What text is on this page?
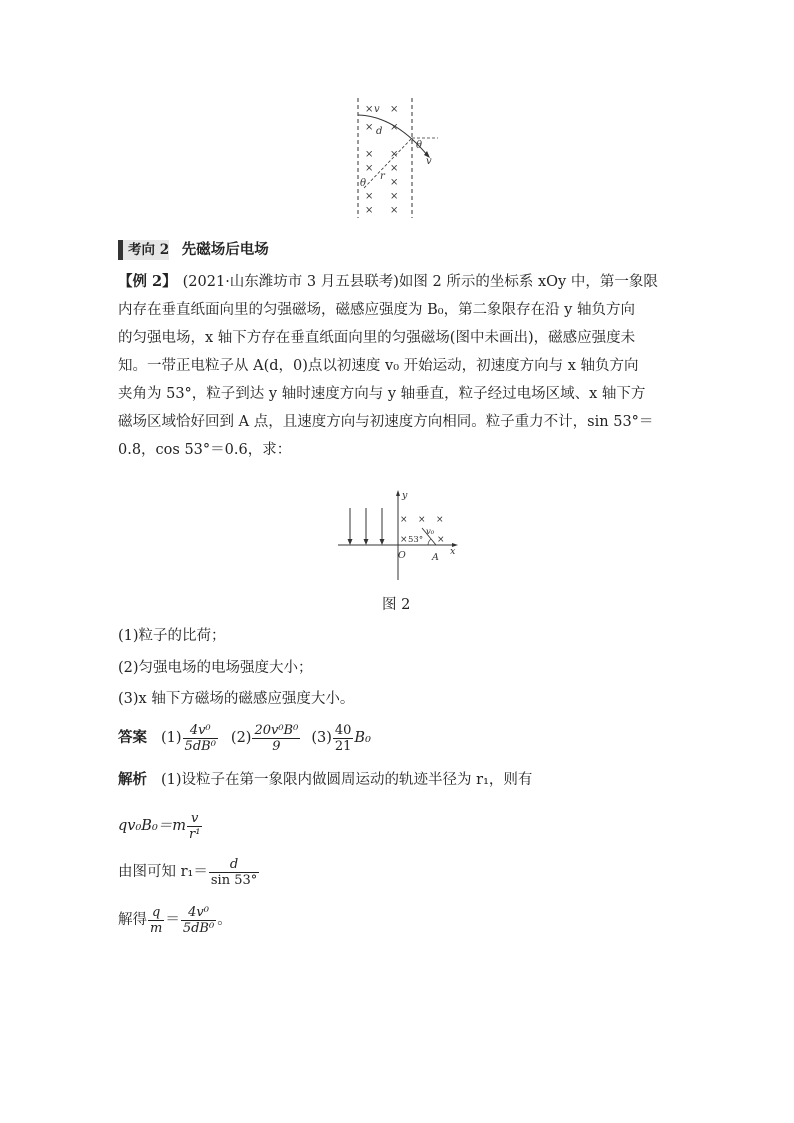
× ×
× ×
× ×
× ×
×
× ×
× ×
v
d
θ
v
θ
r
考向 2 先磁场后电场
【例 2】 (2021·山东潍坊市 3 月五县联考)如图 2 所示的坐标系 xOy 中，第一象限
内存在垂直纸面向里的匀强磁场，磁感应强度为 B₀，第二象限存在沿 y 轴负方向
的匀强电场，x 轴下方存在垂直纸面向里的匀强磁场(图中未画出)，磁感应强度未
知。一带正电粒子从 A(d，0)点以初速度 v₀ 开始运动，初速度方向与 x 轴负方向
夹角为 53°，粒子到达 y 轴时速度方向与 y 轴垂直，粒子经过电场区域、x 轴下方
磁场区域恰好回到 A 点，且速度方向与初速度方向相同。粒子重力不计，sin 53°＝
0.8，cos 53°＝0.6，求：
× × ×
×	×
y
x
O	A
53°
v₀
图 2
(1)粒子的比荷；
(2)匀强电场的电场强度大小；
(3)x 轴下方磁场的磁感应强度大小。
答案 $(1) \frac{\text{4v⁰}}{\text{5dB⁰}} (2) \frac{\text{20v⁰B⁰}}{9} (3) \frac{40}{21} B_0$
解析 (1)设粒子在第一象限内做圆周运动的轨迹半径为 r₁，则有
$qv_0B_0=m \frac{v}{\text{r¹}}$
由图可知 $r_1= \frac{d}{\sin 53^\circ}$
解得 $\frac{q}{m} = \frac{\text{4v⁰}}{\text{5dB⁰}}$ 。
